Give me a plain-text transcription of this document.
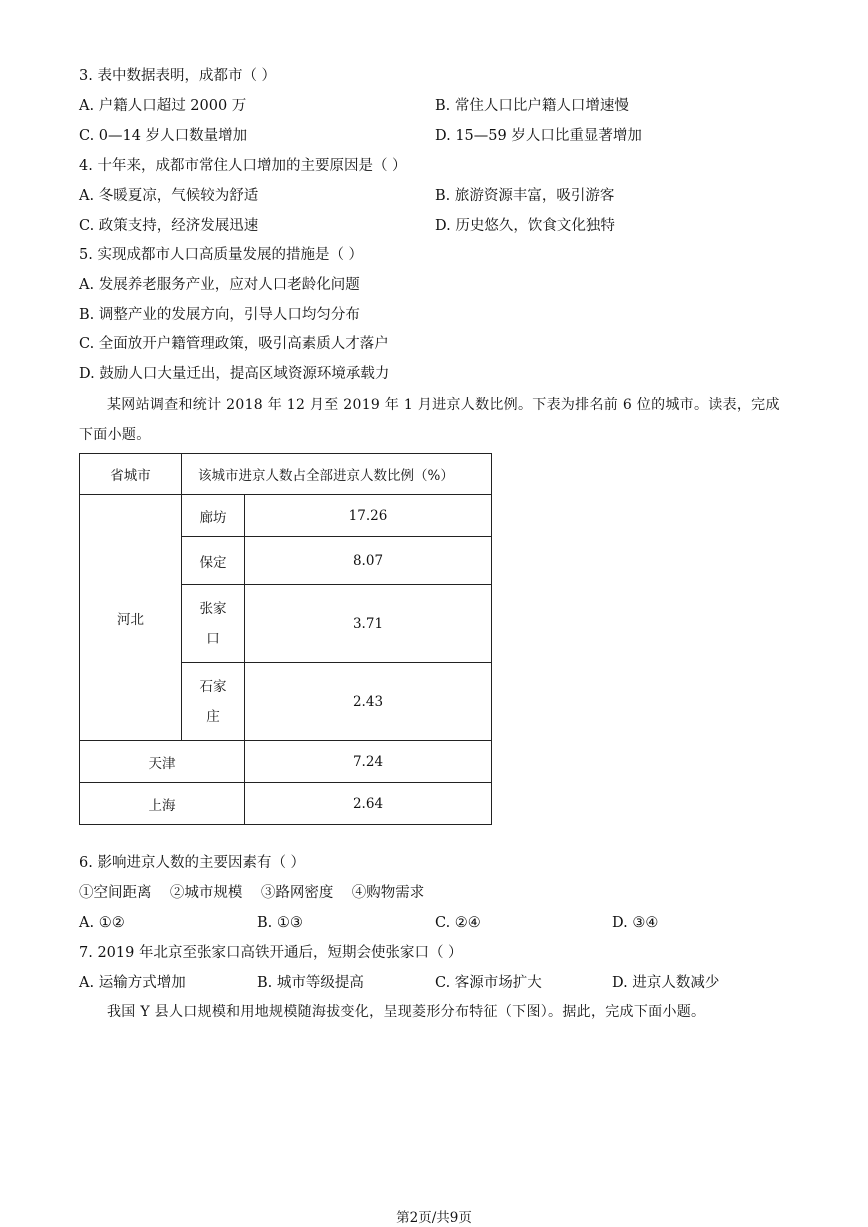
3. 表中数据表明，成都市（ ）
A. 户籍人口超过 2000 万	B. 常住人口比户籍人口增速慢
C. 0—14 岁人口数量增加	D. 15—59 岁人口比重显著增加
4. 十年来，成都市常住人口增加的主要原因是（ ）
A. 冬暖夏凉，气候较为舒适	B. 旅游资源丰富，吸引游客
C. 政策支持，经济发展迅速	D. 历史悠久，饮食文化独特
5. 实现成都市人口高质量发展的措施是（ ）
A. 发展养老服务产业，应对人口老龄化问题
B. 调整产业的发展方向，引导人口均匀分布
C. 全面放开户籍管理政策，吸引高素质人才落户
D. 鼓励人口大量迁出，提高区域资源环境承载力
某网站调查和统计 2018 年 12 月至 2019 年 1 月进京人数比例。下表为排名前 6 位的城市。读表，完成下面小题。
省城市	该城市进京人数占全部进京人数比例（%）	
河北	廊坊	17.26
	保定	8.07
	张家口	3.71
	石家庄	2.43
天津		7.24
上海		2.64
6. 影响进京人数的主要因素有（ ）
①空间距离    ②城市规模    ③路网密度    ④购物需求
A. ①②	B. ①③	C. ②④	D. ③④
7. 2019 年北京至张家口高铁开通后，短期会使张家口（ ）
A. 运输方式增加	B. 城市等级提高	C. 客源市场扩大	D. 进京人数减少
我国 Y 县人口规模和用地规模随海拔变化，呈现菱形分布特征（下图）。据此，完成下面小题。
第2页/共9页
